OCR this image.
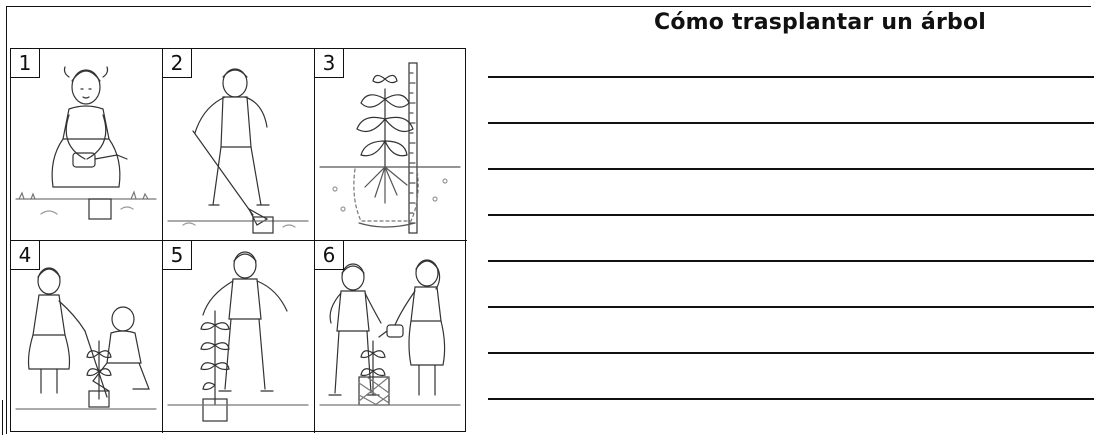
Cómo trasplantar un árbol
1	2	3
4	5	6
